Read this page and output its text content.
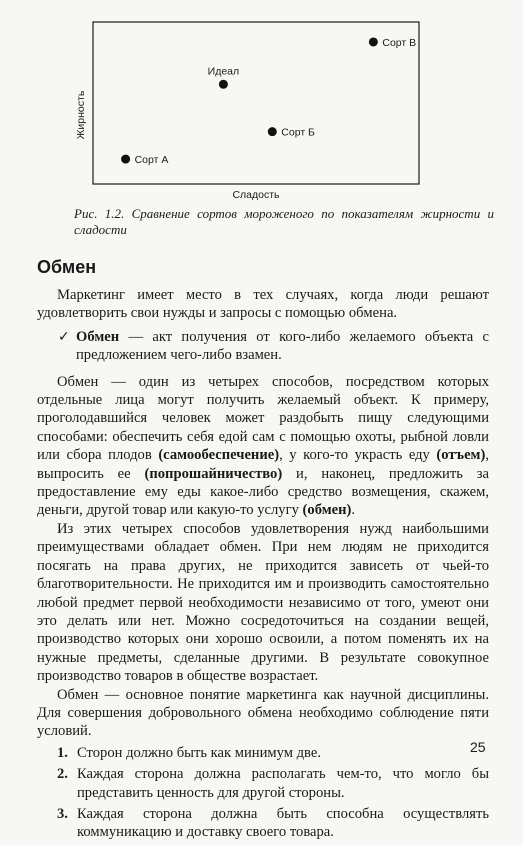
Сладость
Жирность
Сорт А
Идеал
Сорт Б
Сорт В
Рис. 1.2. Сравнение сортов мороженого по показателям жирности и сладости
Обмен

Маркетинг имеет место в тех случаях, когда люди решают удовлетворить свои нужды и запросы с помощью обмена.

✓ Обмен — акт получения от кого-либо желаемого объекта с предложением чего-либо взамен.

Обмен — один из четырех способов, посредством которых отдельные лица могут получить желаемый объект. К примеру, проголодавшийся человек может раздобыть пищу следующими способами: обеспечить себя едой сам с помощью охоты, рыбной ловли или сбора плодов (самообеспечение), у кого-то украсть еду (отъем), выпросить ее (попрошайничество) и, наконец, предложить за предоставление ему еды какое-либо средство возмещения, скажем, деньги, другой товар или какую-то услугу (обмен).

Из этих четырех способов удовлетворения нужд наибольшими преимуществами обладает обмен. При нем людям не приходится посягать на права других, не приходится зависеть от чьей-то благотворительности. Не приходится им и производить самостоятельно любой предмет первой необходимости независимо от того, умеют они это делать или нет. Можно сосредоточиться на создании вещей, производство которых они хорошо освоили, а потом поменять их на нужные предметы, сделанные другими. В результате совокупное производство товаров в обществе возрастает.

Обмен — основное понятие маркетинга как научной дисциплины. Для совершения добровольного обмена необходимо соблюдение пяти условий.

1. Сторон должно быть как минимум две.
2. Каждая сторона должна располагать чем-то, что могло бы представить ценность для другой стороны.
3. Каждая сторона должна быть способна осуществлять коммуникацию и доставку своего товара.
25
